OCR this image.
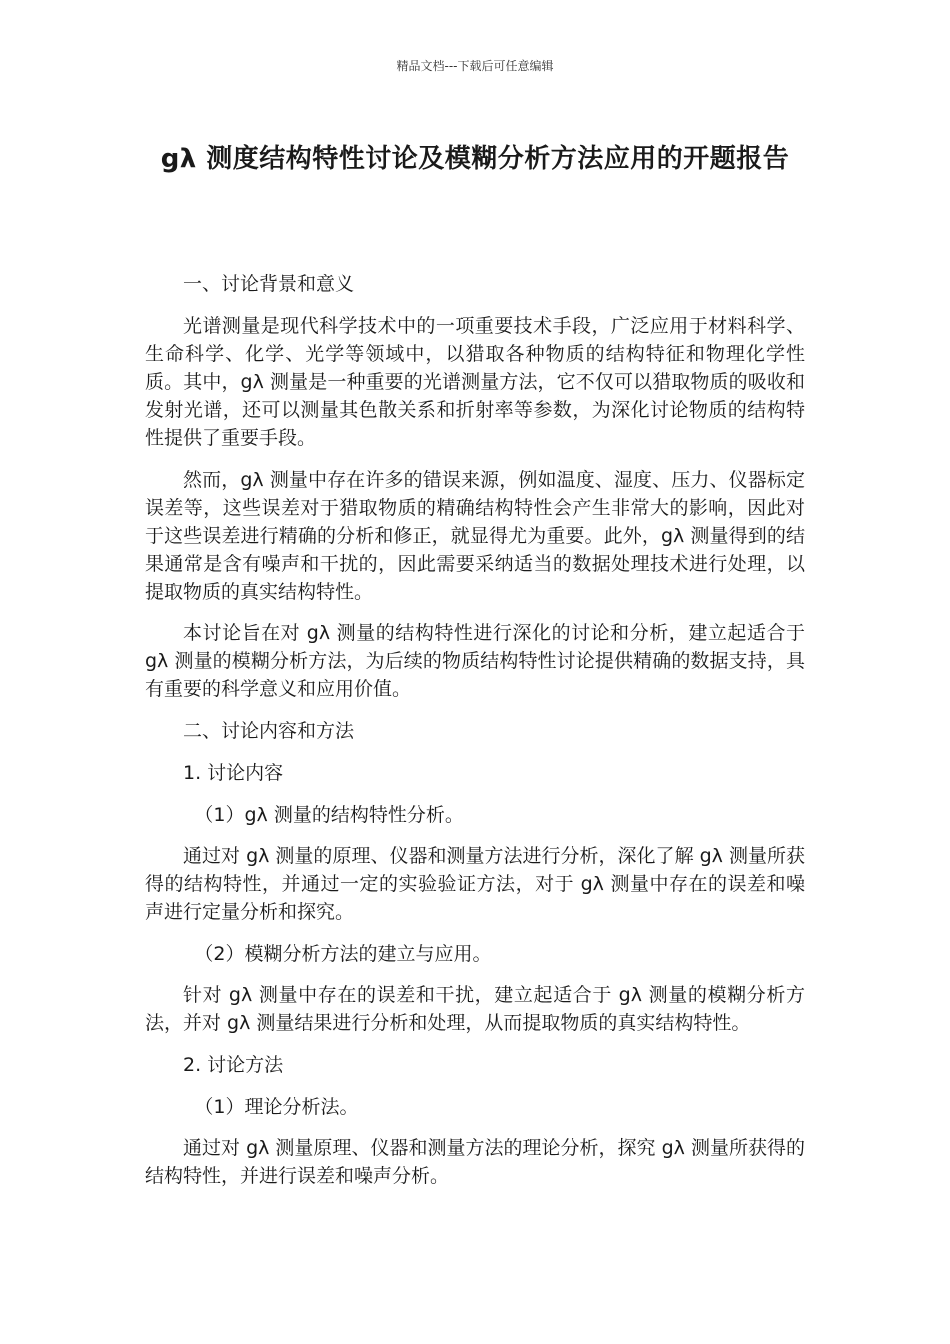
精品文档---下载后可任意编辑
gλ 测度结构特性讨论及模糊分析方法应用的开题报告

一、讨论背景和意义

光谱测量是现代科学技术中的一项重要技术手段，广泛应用于材料科学、生命科学、化学、光学等领域中，以猎取各种物质的结构特征和物理化学性质。其中，gλ 测量是一种重要的光谱测量方法，它不仅可以猎取物质的吸收和发射光谱，还可以测量其色散关系和折射率等参数，为深化讨论物质的结构特性提供了重要手段。

然而，gλ 测量中存在许多的错误来源，例如温度、湿度、压力、仪器标定误差等，这些误差对于猎取物质的精确结构特性会产生非常大的影响，因此对于这些误差进行精确的分析和修正，就显得尤为重要。此外，gλ 测量得到的结果通常是含有噪声和干扰的，因此需要采纳适当的数据处理技术进行处理，以提取物质的真实结构特性。

本讨论旨在对 gλ 测量的结构特性进行深化的讨论和分析，建立起适合于 gλ 测量的模糊分析方法，为后续的物质结构特性讨论提供精确的数据支持，具有重要的科学意义和应用价值。

二、讨论内容和方法

1. 讨论内容

（1）gλ 测量的结构特性分析。

通过对 gλ 测量的原理、仪器和测量方法进行分析，深化了解 gλ 测量所获得的结构特性，并通过一定的实验验证方法，对于 gλ 测量中存在的误差和噪声进行定量分析和探究。

（2）模糊分析方法的建立与应用。

针对 gλ 测量中存在的误差和干扰，建立起适合于 gλ 测量的模糊分析方法，并对 gλ 测量结果进行分析和处理，从而提取物质的真实结构特性。

2. 讨论方法

（1）理论分析法。

通过对 gλ 测量原理、仪器和测量方法的理论分析，探究 gλ 测量所获得的结构特性，并进行误差和噪声分析。
